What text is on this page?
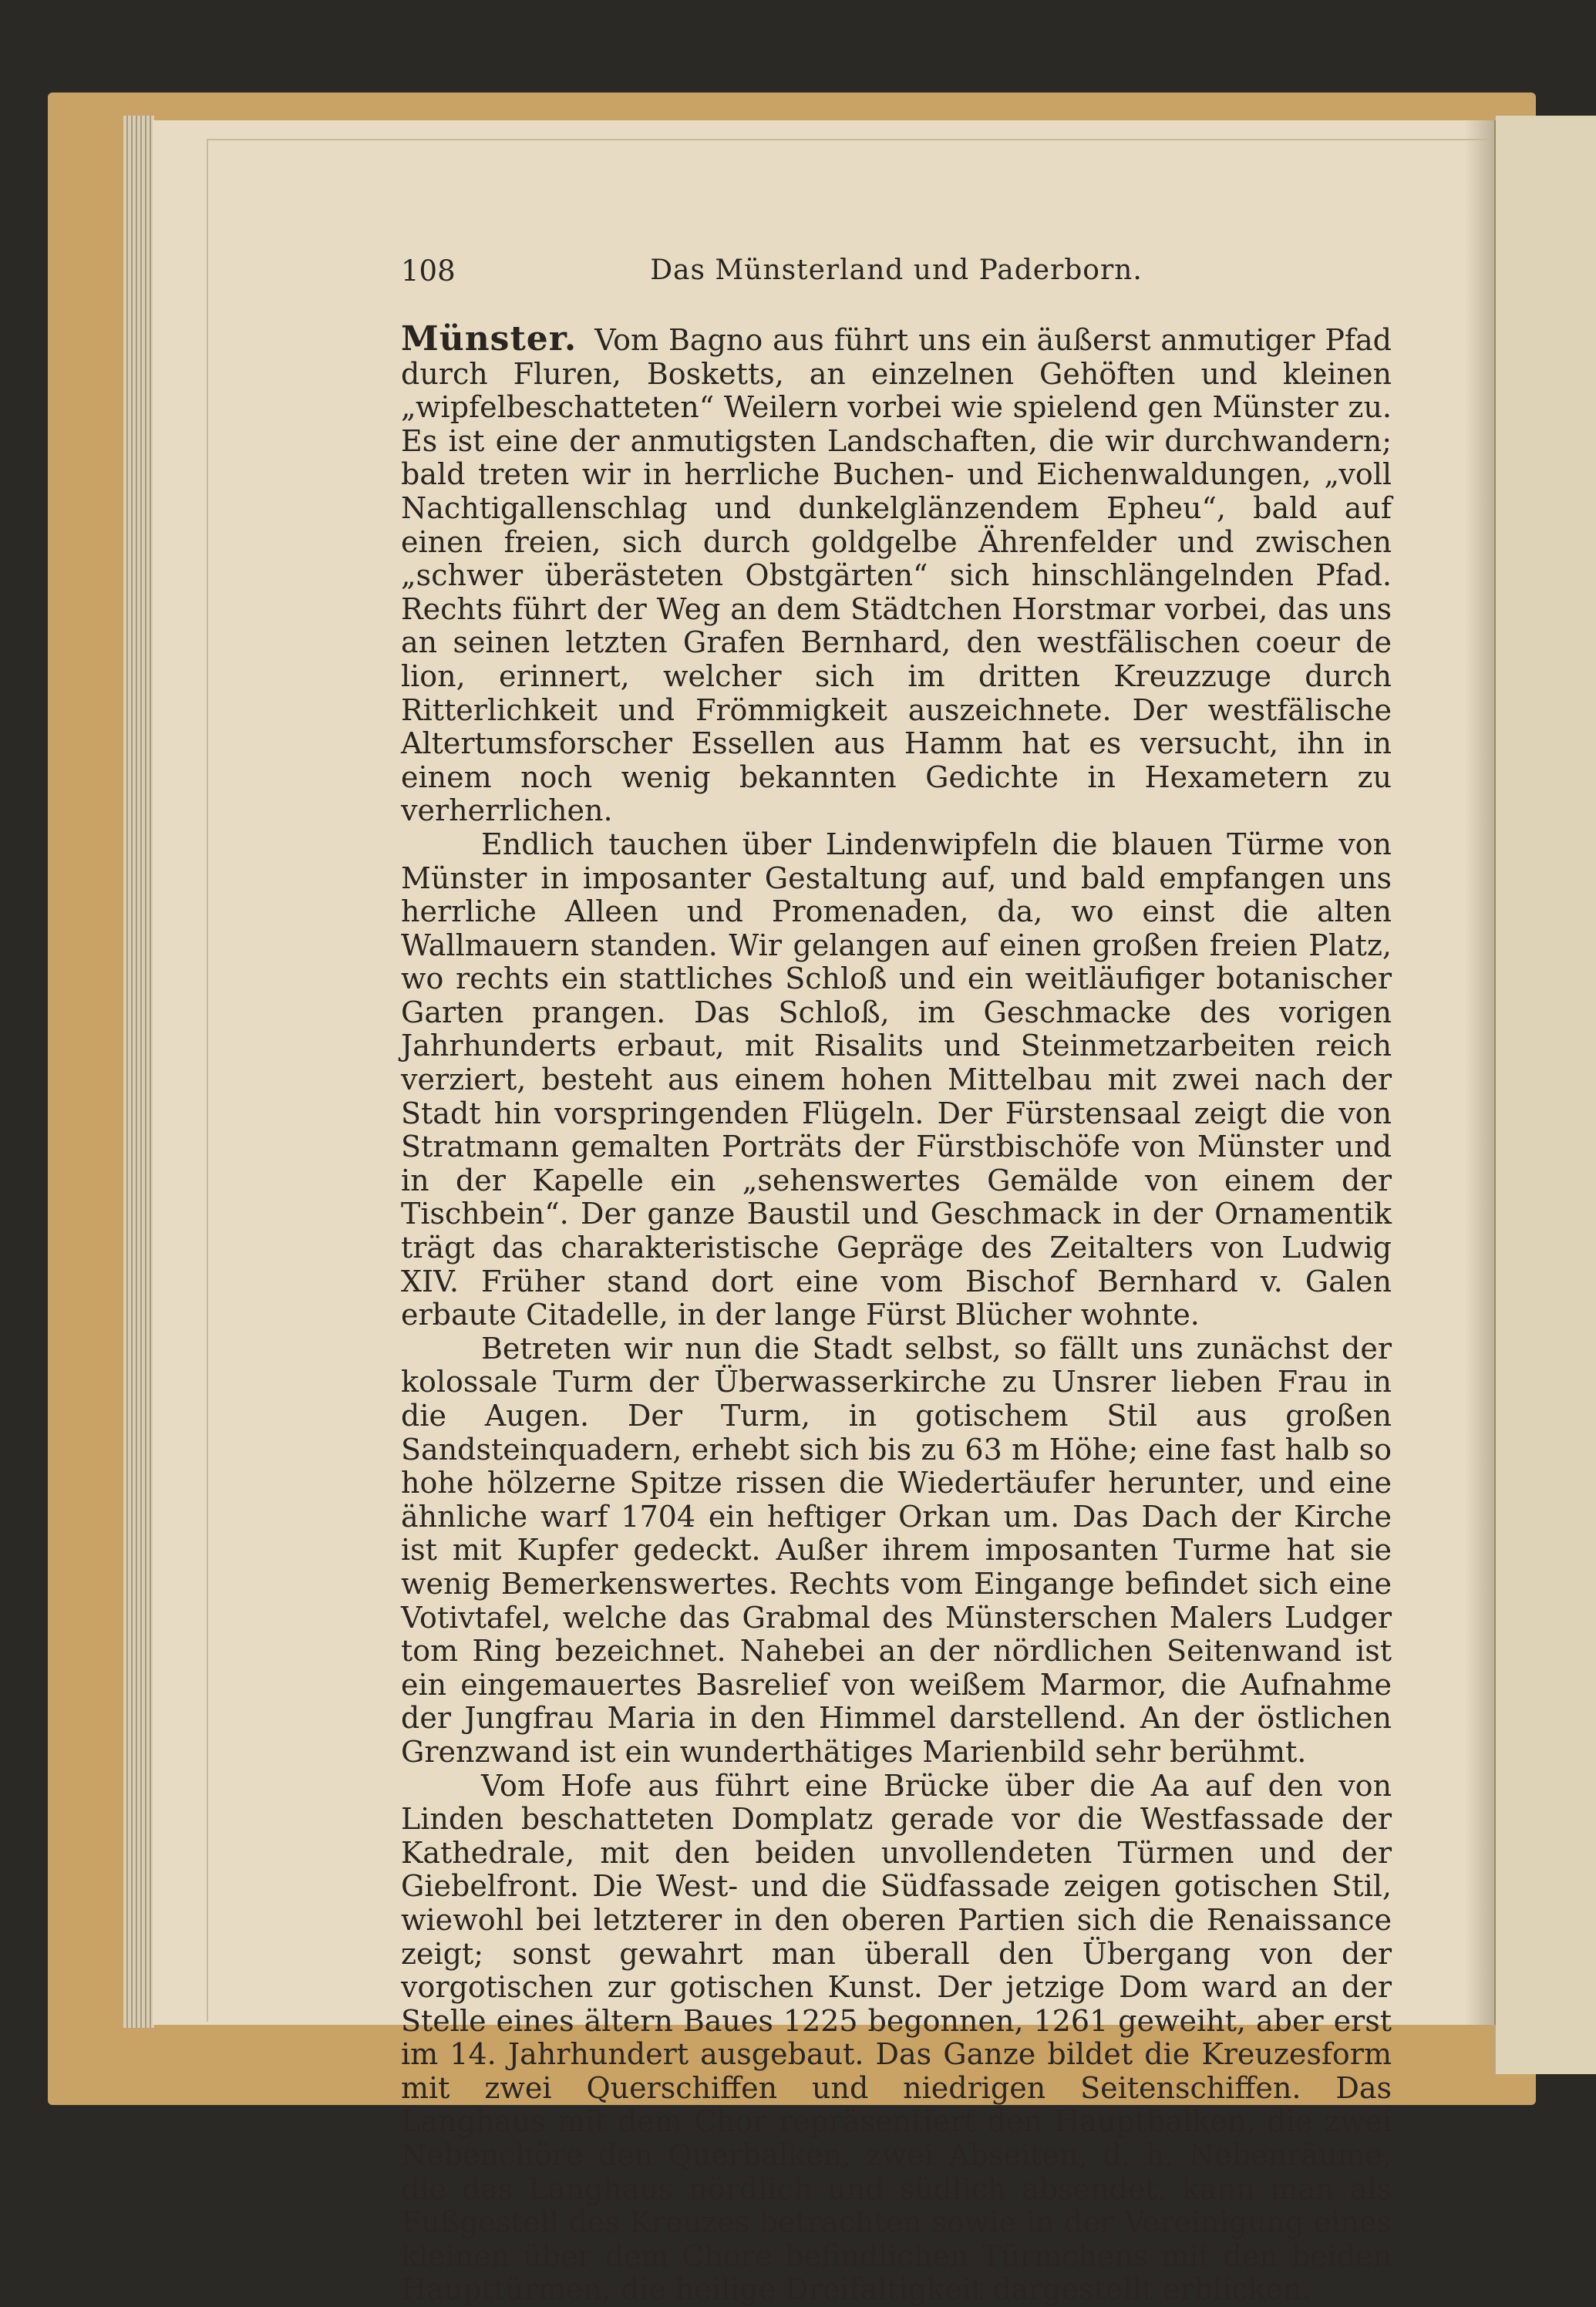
108	Das Münsterland und Paderborn.

Münster. Vom Bagno aus führt uns ein äußerst anmutiger Pfad durch Fluren, Bosketts, an einzelnen Gehöften und kleinen „wipfelbeschatteten“ Weilern vorbei wie spielend gen Münster zu. Es ist eine der anmutigsten Landschaften, die wir durchwandern; bald treten wir in herrliche Buchen- und Eichenwaldungen, „voll Nachtigallenschlag und dunkelglänzendem Epheu“, bald auf einen freien, sich durch goldgelbe Ährenfelder und zwischen „schwer überästeten Obstgärten“ sich hinschlängelnden Pfad. Rechts führt der Weg an dem Städtchen Horstmar vorbei, das uns an seinen letzten Grafen Bernhard, den westfälischen coeur de lion, erinnert, welcher sich im dritten Kreuzzuge durch Ritterlichkeit und Frömmigkeit auszeichnete. Der westfälische Altertumsforscher Essellen aus Hamm hat es versucht, ihn in einem noch wenig bekannten Gedichte in Hexametern zu verherrlichen.

Endlich tauchen über Lindenwipfeln die blauen Türme von Münster in imposanter Gestaltung auf, und bald empfangen uns herrliche Alleen und Promenaden, da, wo einst die alten Wallmauern standen. Wir gelangen auf einen großen freien Platz, wo rechts ein stattliches Schloß und ein weitläufiger botanischer Garten prangen. Das Schloß, im Geschmacke des vorigen Jahrhunderts erbaut, mit Risalits und Steinmetzarbeiten reich verziert, besteht aus einem hohen Mittelbau mit zwei nach der Stadt hin vorspringenden Flügeln. Der Fürstensaal zeigt die von Stratmann gemalten Porträts der Fürstbischöfe von Münster und in der Kapelle ein „sehenswertes Gemälde von einem der Tischbein“. Der ganze Baustil und Geschmack in der Ornamentik trägt das charakteristische Gepräge des Zeitalters von Ludwig XIV. Früher stand dort eine vom Bischof Bernhard v. Galen erbaute Citadelle, in der lange Fürst Blücher wohnte.

Betreten wir nun die Stadt selbst, so fällt uns zunächst der kolossale Turm der Überwasserkirche zu Unsrer lieben Frau in die Augen. Der Turm, in gotischem Stil aus großen Sandsteinquadern, erhebt sich bis zu 63 m Höhe; eine fast halb so hohe hölzerne Spitze rissen die Wiedertäufer herunter, und eine ähnliche warf 1704 ein heftiger Orkan um. Das Dach der Kirche ist mit Kupfer gedeckt. Außer ihrem imposanten Turme hat sie wenig Bemerkenswertes. Rechts vom Eingange befindet sich eine Votivtafel, welche das Grabmal des Münsterschen Malers Ludger tom Ring bezeichnet. Nahebei an der nördlichen Seitenwand ist ein eingemauertes Basrelief von weißem Marmor, die Aufnahme der Jungfrau Maria in den Himmel darstellend. An der östlichen Grenzwand ist ein wunderthätiges Marienbild sehr berühmt.

Vom Hofe aus führt eine Brücke über die Aa auf den von Linden beschatteten Domplatz gerade vor die Westfassade der Kathedrale, mit den beiden unvollendeten Türmen und der Giebelfront. Die West- und die Südfassade zeigen gotischen Stil, wiewohl bei letzterer in den oberen Partien sich die Renaissance zeigt; sonst gewahrt man überall den Übergang von der vorgotischen zur gotischen Kunst. Der jetzige Dom ward an der Stelle eines ältern Baues 1225 begonnen, 1261 geweiht, aber erst im 14. Jahrhundert ausgebaut. Das Ganze bildet die Kreuzesform mit zwei Querschiffen und niedrigen Seitenschiffen. Das Langhaus mit dem Chor repräsentiert den Hauptbalken, die zwei Nebenchöre den Querbalken, zwei Abseiten, d. h. Nebenräume, die das Langhaus nördlich und südlich absendet, kann man als Fußgestell des Kreuzes betrachten sowie in der Vereinigung eines kleinen über dem Chore befindlichen Türmchens mit den beiden Haupttürmen, die heilige Dreifaltigkeit dargestellt erblicken.
